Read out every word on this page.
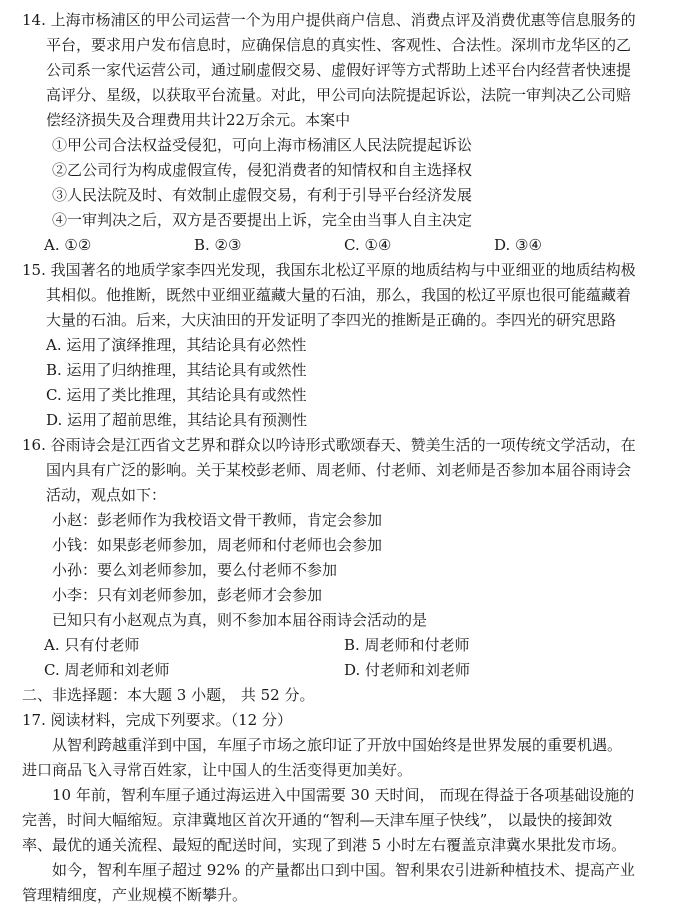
14. 上海市杨浦区的甲公司运营一个为用户提供商户信息、消费点评及消费优惠等信息服务的
平台，要求用户发布信息时，应确保信息的真实性、客观性、合法性。深圳市龙华区的乙
公司系一家代运营公司，通过刷虚假交易、虚假好评等方式帮助上述平台内经营者快速提
高评分、星级，以获取平台流量。对此，甲公司向法院提起诉讼，法院一审判决乙公司赔
偿经济损失及合理费用共计22万余元。本案中
①甲公司合法权益受侵犯，可向上海市杨浦区人民法院提起诉讼
②乙公司行为构成虚假宣传，侵犯消费者的知情权和自主选择权
③人民法院及时、有效制止虚假交易，有利于引导平台经济发展
④一审判决之后，双方是否要提出上诉，完全由当事人自主决定
A. ①②	B. ②③	C. ①④	D. ③④
15. 我国著名的地质学家李四光发现，我国东北松辽平原的地质结构与中亚细亚的地质结构极
其相似。他推断，既然中亚细亚蕴藏大量的石油，那么，我国的松辽平原也很可能蕴藏着
大量的石油。后来，大庆油田的开发证明了李四光的推断是正确的。李四光的研究思路
A. 运用了演绎推理，其结论具有必然性
B. 运用了归纳推理，其结论具有或然性
C. 运用了类比推理，其结论具有或然性
D. 运用了超前思维，其结论具有预测性
16. 谷雨诗会是江西省文艺界和群众以吟诗形式歌颂春天、赞美生活的一项传统文学活动，在
国内具有广泛的影响。关于某校彭老师、周老师、付老师、刘老师是否参加本届谷雨诗会
活动，观点如下：
小赵：彭老师作为我校语文骨干教师，肯定会参加
小钱：如果彭老师参加，周老师和付老师也会参加
小孙：要么刘老师参加，要么付老师不参加
小李：只有刘老师参加，彭老师才会参加
已知只有小赵观点为真，则不参加本届谷雨诗会活动的是
A. 只有付老师	B. 周老师和付老师
C. 周老师和刘老师	D. 付老师和刘老师
二、非选择题：本大题 3 小题， 共 52 分。
17. 阅读材料，完成下列要求。（12 分）
从智利跨越重洋到中国，车厘子市场之旅印证了开放中国始终是世界发展的重要机遇。
进口商品飞入寻常百姓家，让中国人的生活变得更加美好。
10 年前，智利车厘子通过海运进入中国需要 30 天时间， 而现在得益于各项基础设施的
完善，时间大幅缩短。京津冀地区首次开通的“智利—天津车厘子快线”， 以最快的接卸效
率、最优的通关流程、最短的配送时间，实现了到港 5 小时左右覆盖京津冀水果批发市场。
如今，智利车厘子超过 92% 的产量都出口到中国。智利果农引进新种植技术、提高产业
管理精细度，产业规模不断攀升。
